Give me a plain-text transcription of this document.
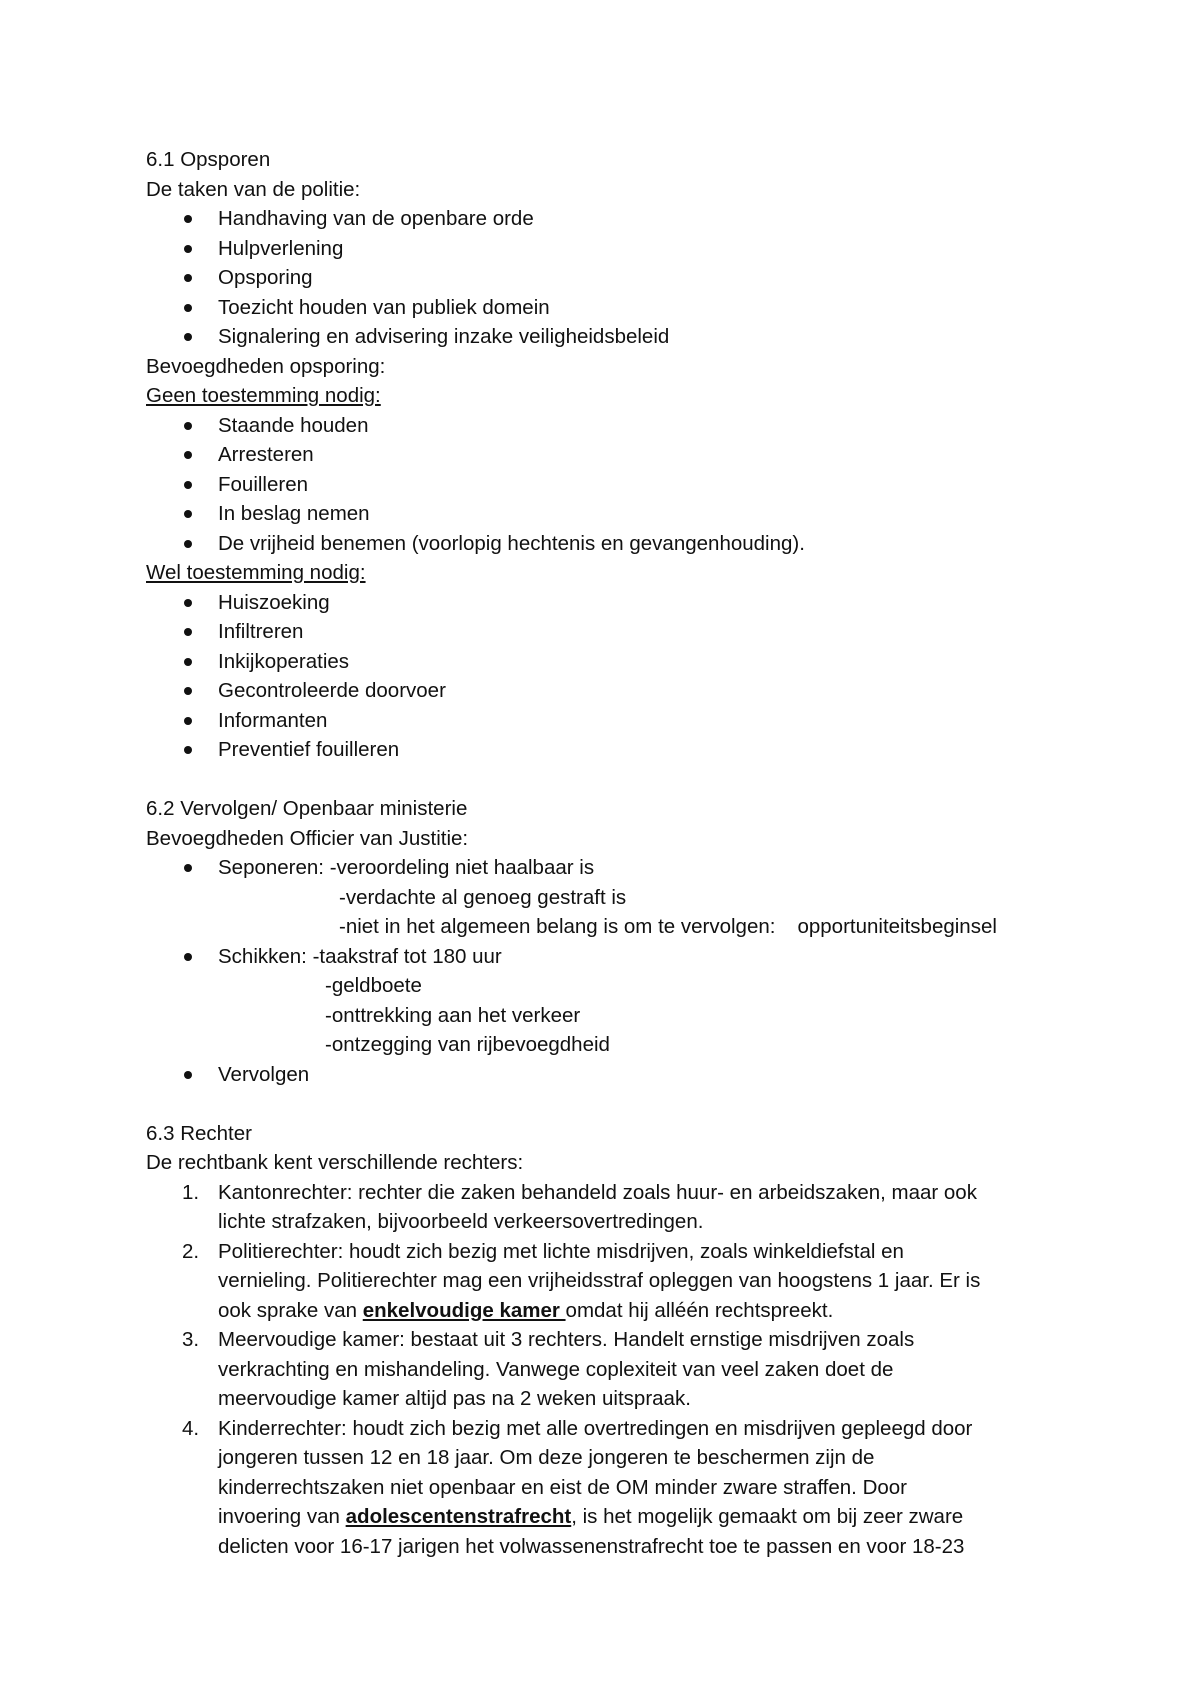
6.1 Opsporen
De taken van de politie:
Handhaving van de openbare orde
Hulpverlening
Opsporing
Toezicht houden van publiek domein
Signalering en advisering inzake veiligheidsbeleid
Bevoegdheden opsporing:
Geen toestemming nodig:
Staande houden
Arresteren
Fouilleren
In beslag nemen
De vrijheid benemen (voorlopig hechtenis en gevangenhouding).
Wel toestemming nodig:
Huiszoeking
Infiltreren
Inkijkoperaties
Gecontroleerde doorvoer
Informanten
Preventief fouilleren
6.2 Vervolgen/ Openbaar ministerie
Bevoegdheden Officier van Justitie:
Seponeren: -veroordeling niet haalbaar is
-verdachte al genoeg gestraft is
-niet in het algemeen belang is om te vervolgen: opportuniteitsbeginsel
Schikken: -taakstraf tot 180 uur
-geldboete
-onttrekking aan het verkeer
-ontzegging van rijbevoegdheid
Vervolgen
6.3 Rechter
De rechtbank kent verschillende rechters:
1. Kantonrechter: rechter die zaken behandeld zoals huur- en arbeidszaken, maar ook
lichte strafzaken, bijvoorbeeld verkeersovertredingen.
2. Politierechter: houdt zich bezig met lichte misdrijven, zoals winkeldiefstal en
vernieling. Politierechter mag een vrijheidsstraf opleggen van hoogstens 1 jaar. Er is
ook sprake van enkelvoudige kamer omdat hij alléén rechtspreekt.
3. Meervoudige kamer: bestaat uit 3 rechters. Handelt ernstige misdrijven zoals
verkrachting en mishandeling. Vanwege coplexiteit van veel zaken doet de
meervoudige kamer altijd pas na 2 weken uitspraak.
4. Kinderrechter: houdt zich bezig met alle overtredingen en misdrijven gepleegd door
jongeren tussen 12 en 18 jaar. Om deze jongeren te beschermen zijn de
kinderrechtszaken niet openbaar en eist de OM minder zware straffen. Door
invoering van adolescentenstrafrecht, is het mogelijk gemaakt om bij zeer zware
delicten voor 16-17 jarigen het volwassenenstrafrecht toe te passen en voor 18-23
